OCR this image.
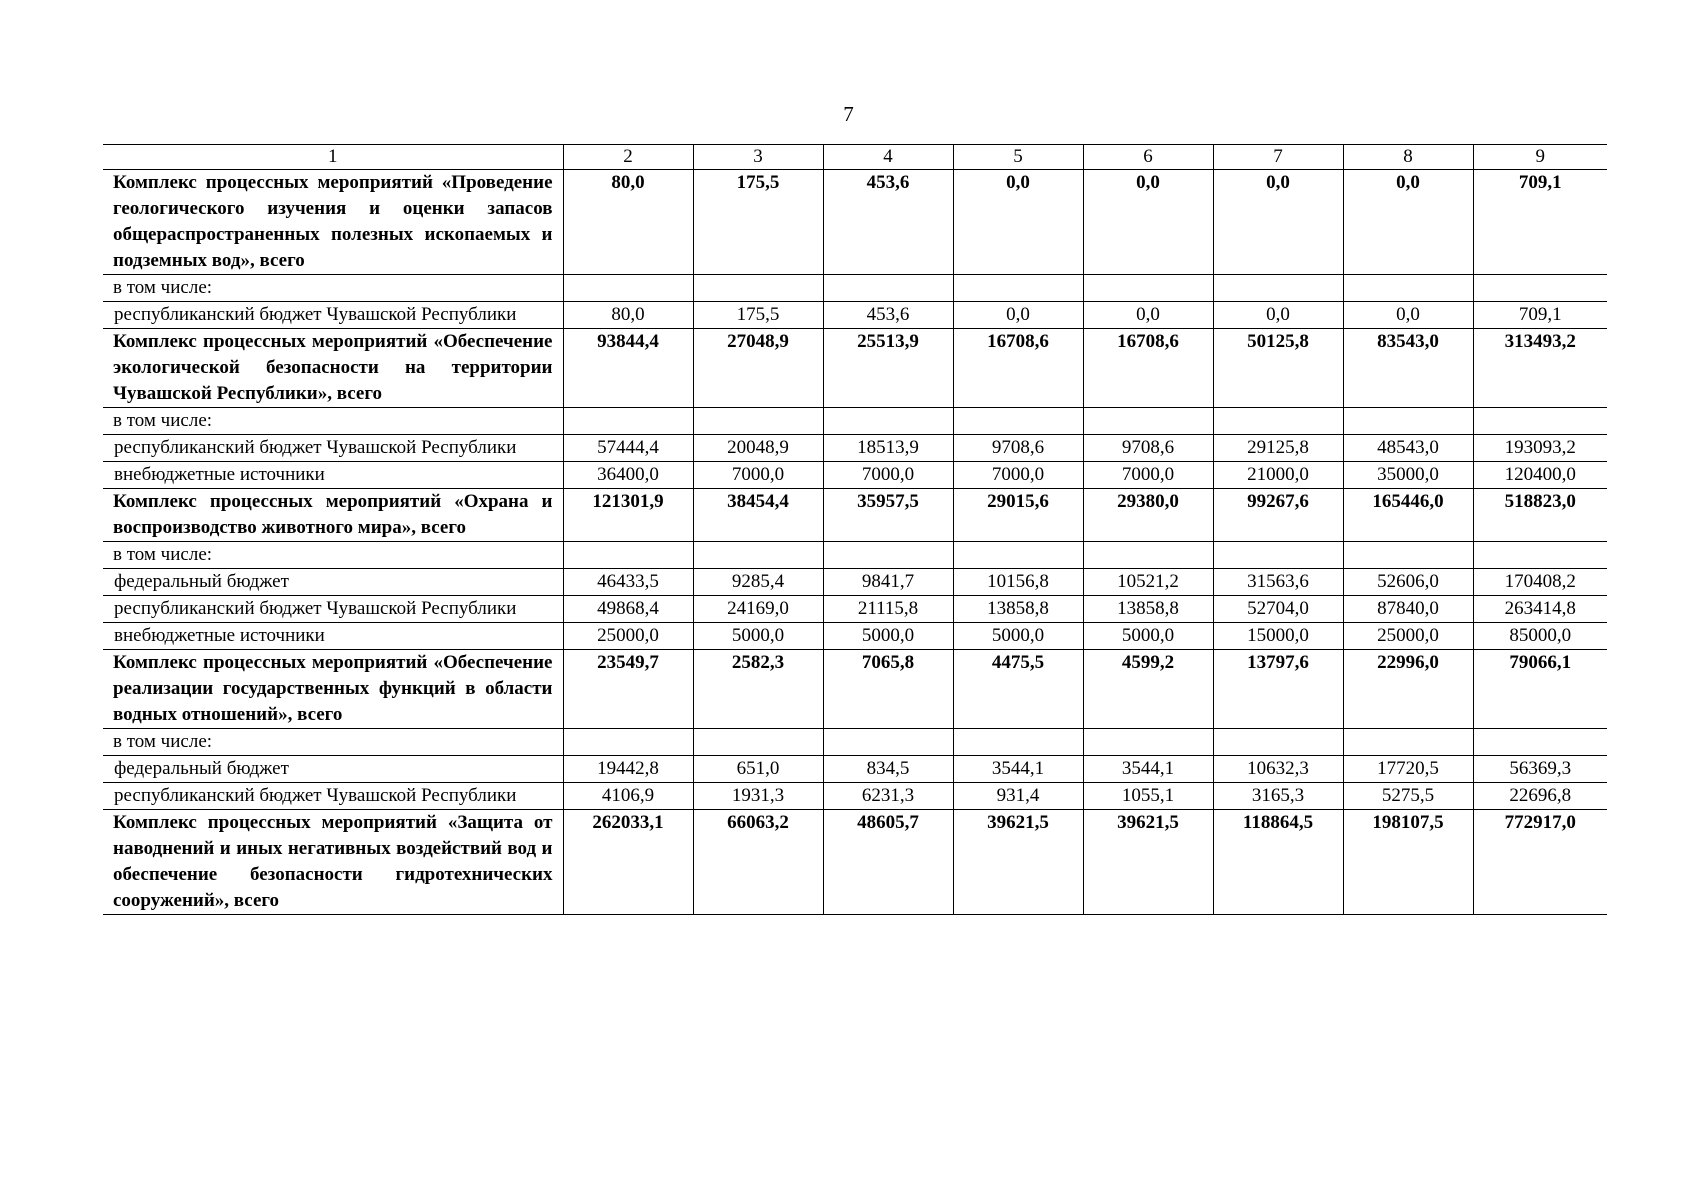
7
1	2	3	4	5	6	7	8	9
Комплекс процессных мероприятий «Проведение геологического изучения и оценки запасов общераспространенных полезных ископаемых и подземных вод», всего	80,0	175,5	453,6	0,0	0,0	0,0	0,0	709,1
в том числе:								
республиканский бюджет Чувашской Республики	80,0	175,5	453,6	0,0	0,0	0,0	0,0	709,1
Комплекс процессных мероприятий «Обеспечение экологической безопасности на территории Чувашской Республики», всего	93844,4	27048,9	25513,9	16708,6	16708,6	50125,8	83543,0	313493,2
в том числе:								
республиканский бюджет Чувашской Республики	57444,4	20048,9	18513,9	9708,6	9708,6	29125,8	48543,0	193093,2
внебюджетные источники	36400,0	7000,0	7000,0	7000,0	7000,0	21000,0	35000,0	120400,0
Комплекс процессных мероприятий «Охрана и воспроизводство животного мира», всего	121301,9	38454,4	35957,5	29015,6	29380,0	99267,6	165446,0	518823,0
в том числе:								
федеральный бюджет	46433,5	9285,4	9841,7	10156,8	10521,2	31563,6	52606,0	170408,2
республиканский бюджет Чувашской Республики	49868,4	24169,0	21115,8	13858,8	13858,8	52704,0	87840,0	263414,8
внебюджетные источники	25000,0	5000,0	5000,0	5000,0	5000,0	15000,0	25000,0	85000,0
Комплекс процессных мероприятий «Обеспечение реализации государственных функций в области водных отношений», всего	23549,7	2582,3	7065,8	4475,5	4599,2	13797,6	22996,0	79066,1
в том числе:								
федеральный бюджет	19442,8	651,0	834,5	3544,1	3544,1	10632,3	17720,5	56369,3
республиканский бюджет Чувашской Республики	4106,9	1931,3	6231,3	931,4	1055,1	3165,3	5275,5	22696,8
Комплекс процессных мероприятий «Защита от наводнений и иных негативных воздействий вод и обеспечение безопасности гидротехнических сооружений», всего	262033,1	66063,2	48605,7	39621,5	39621,5	118864,5	198107,5	772917,0
